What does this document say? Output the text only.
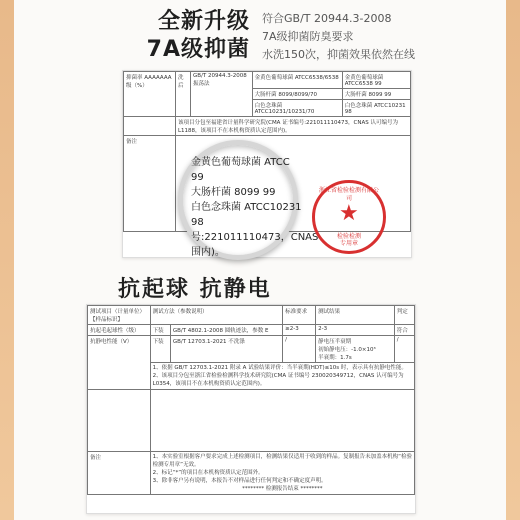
全新升级
7A级抑菌
符合GB/T 20944.3-2008
7A级抑菌防臭要求
水洗150次，抑菌效果依然在线
抑菌率 AAAAAAA 级（%）	洗后	GB/T 20944.3-2008 振荡法	金黄色葡萄球菌 ATCC6538/6538	金黄色葡萄球菌 ATCC6538 99
			大肠杆菌 8099/8099/70	大肠杆菌 8099 99
			白色念珠菌 ATCC10231/10231/70	白色念珠菌 ATCC10231 98
	该项目分包至福建省计量科学研究院(CMA 证书编号:221011110473，CNAS 认可编号为 L1188，该项目不在本机构资质认定范围内)。			
备注				
金黄色葡萄球菌 ATCC
99
大肠杆菌 8099 99
白色念珠菌 ATCC10231
98
号:221011110473，CNAS
围内)。
浙江省检验检测有限公司
★
检验检测
专用章
抗起球 抗静电
测试项目（计量单位）【样品标识】	测试方法（参数说明）		标准要求	测试结果	判定
抗起毛起球性（级）	下装	GB/T 4802.1-2008 圆轨迹法，参数 E	≥2-3	2-3	符合
抗静电性能（V）	下装	GB/T 12703.1-2021 不洗涤	/	静电压半衰期
初始静电压：-1.0×10³
半衰期：1.7s	/

	1、依据 GB/T 12703.1-2021 附录 A 试验结果评价：当半衰期(HDT)≤10s 时，表示具有抗静电性能。
2、该项目分包至浙江省检验检测科学技术研究院(CMA 证书编号 230020349712，CNAS 认可编号为 L0354，该项目不在本机构资质认定范围内)。				

备注	1、本实验室根据客户要求完成上述检测项目，检测结果仅适用于收到的样品。复制报告未加盖本机构“检验检测专用章”无效。
2、标记“*”的项目在本机构资质认定范围外。
3、除非客户另有说明，本报告不对样品进行任何判定和不确定度声明。
******** 检测报告结束 ********				
